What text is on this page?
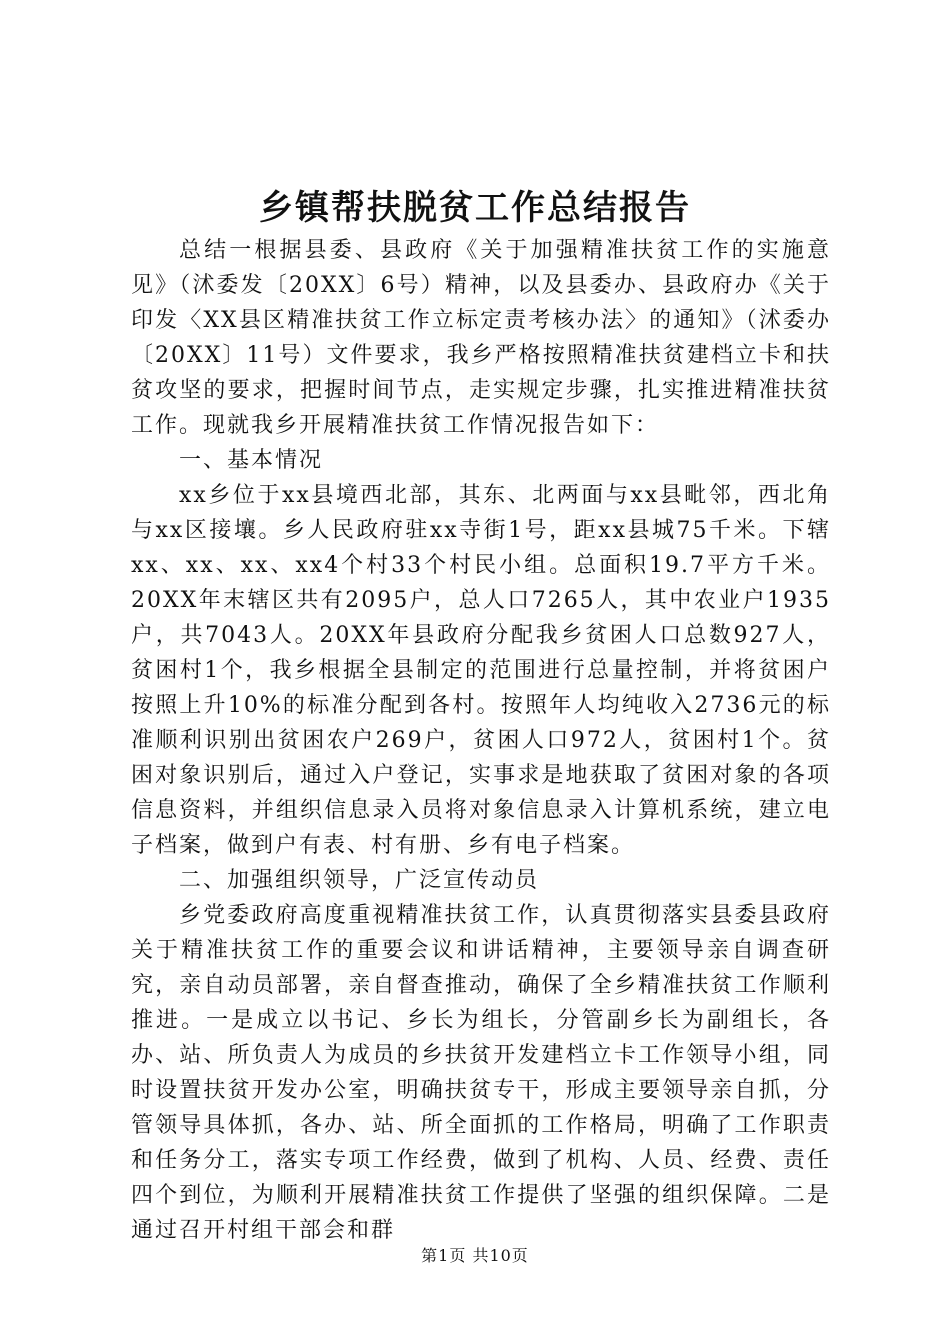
乡镇帮扶脱贫工作总结报告

总结一根据县委、县政府《关于加强精准扶贫工作的实施意见》（沭委发〔20XX〕6号）精神，以及县委办、县政府办《关于印发〈XX县区精准扶贫工作立标定责考核办法〉的通知》（沭委办〔20XX〕11号）文件要求，我乡严格按照精准扶贫建档立卡和扶贫攻坚的要求，把握时间节点，走实规定步骤，扎实推进精准扶贫工作。现就我乡开展精准扶贫工作情况报告如下：

一、基本情况

xx乡位于xx县境西北部，其东、北两面与xx县毗邻，西北角与xx区接壤。乡人民政府驻xx寺街1号，距xx县城75千米。下辖xx、xx、xx、xx4个村33个村民小组。总面积19.7平方千米。20XX年末辖区共有2095户，总人口7265人，其中农业户1935户，共7043人。20XX年县政府分配我乡贫困人口总数927人，贫困村1个，我乡根据全县制定的范围进行总量控制，并将贫困户按照上升10%的标准分配到各村。按照年人均纯收入2736元的标准顺利识别出贫困农户269户，贫困人口972人，贫困村1个。贫困对象识别后，通过入户登记，实事求是地获取了贫困对象的各项信息资料，并组织信息录入员将对象信息录入计算机系统，建立电子档案，做到户有表、村有册、乡有电子档案。

二、加强组织领导，广泛宣传动员

乡党委政府高度重视精准扶贫工作，认真贯彻落实县委县政府关于精准扶贫工作的重要会议和讲话精神，主要领导亲自调查研究，亲自动员部署，亲自督查推动，确保了全乡精准扶贫工作顺利推进。一是成立以书记、乡长为组长，分管副乡长为副组长，各办、站、所负责人为成员的乡扶贫开发建档立卡工作领导小组，同时设置扶贫开发办公室，明确扶贫专干，形成主要领导亲自抓，分管领导具体抓，各办、站、所全面抓的工作格局，明确了工作职责和任务分工，落实专项工作经费，做到了机构、人员、经费、责任四个到位，为顺利开展精准扶贫工作提供了坚强的组织保障。二是通过召开村组干部会和群

第1页 共10页
